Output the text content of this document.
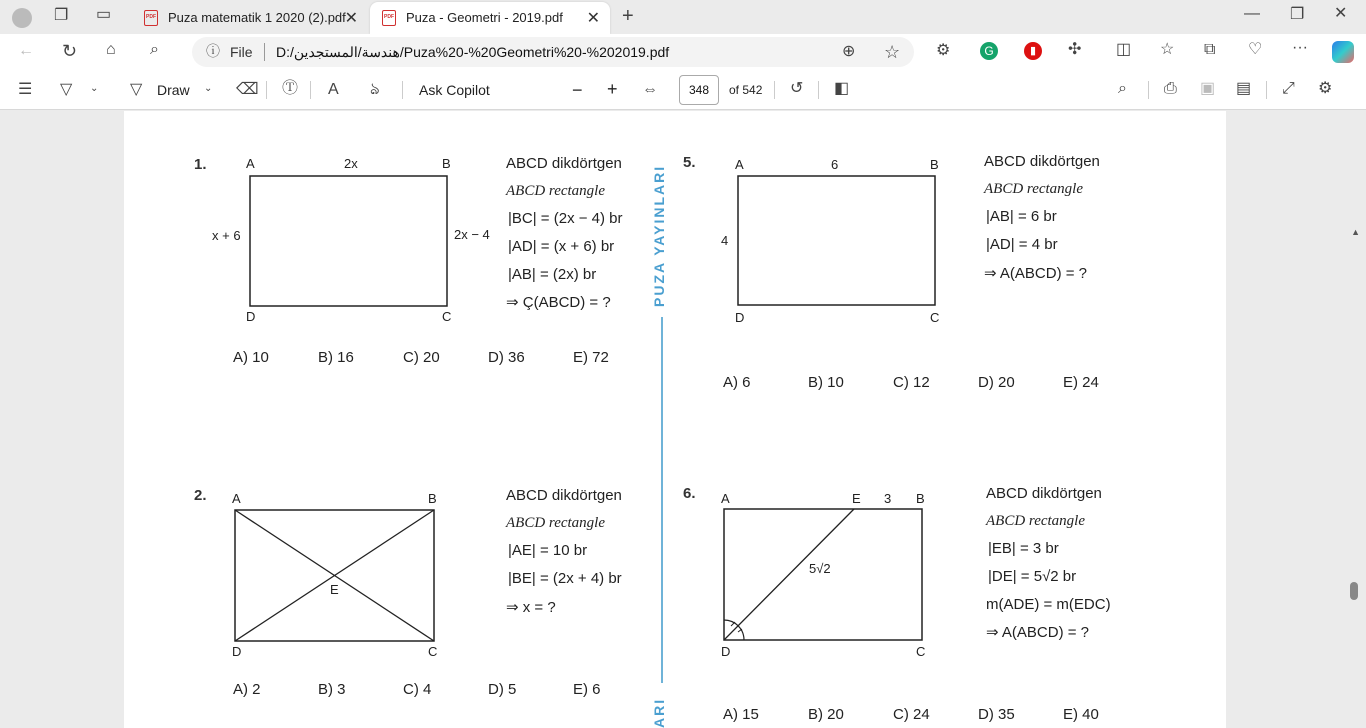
❐ ▭	PDF Puza matematik 1 2020 (2).pdf
✕	PDF Puza - Geometri - 2019.pdf ✕ +	— ❐ ✕
← ↻ ⌂ ⌕	ⓘ File D:/هندسة/المستجدين/Puza%20-%20Geometri%20-%202019.pdf	⊕ ☆ ⚙	G	▮	✣ ◫ ☆ ⧉ ♡ ···
☰ ▽ ⌄ ▽ Draw ⌄ ⌫ Ⓣ A ঌ	Ask Copilot	− + ⇔	348	of 542 ↺ ◧	⌕ ⎙ ▣ ▤ ⤢ ⚙
PUZA YAYINLARI
ARI
1.	A	B
C
D
2x
x + 6	2x − 4
ABCD dikdörtgen
ABCD rectangle
|BC| = (2x − 4) br
|AD| = (x + 6) br
|AB| = (2x) br
⇒ Ç(ABCD) = ?
A) 10	B) 16	C) 20	D) 36	E) 72
2. A	B
C
D
E
ABCD dikdörtgen
ABCD rectangle
|AE| = 10 br
|BE| = (2x + 4) br
⇒ x = ?
A) 2	B) 3	C) 4	D) 5	E) 6
5.	A	B
C
D
6
4
ABCD dikdörtgen
ABCD rectangle
|AB| = 6 br
|AD| = 4 br
⇒ A(ABCD) = ?
A) 6	B) 10	C) 12	D) 20	E) 24
6. A	E 3 B
C
D
5√2
ABCD dikdörtgen
ABCD rectangle
|EB| = 3 br
|DE| = 5√2 br
m(ADE) = m(EDC)
⇒ A(ABCD) = ?
A) 15	B) 20	C) 24	D) 35	E) 40
▲
